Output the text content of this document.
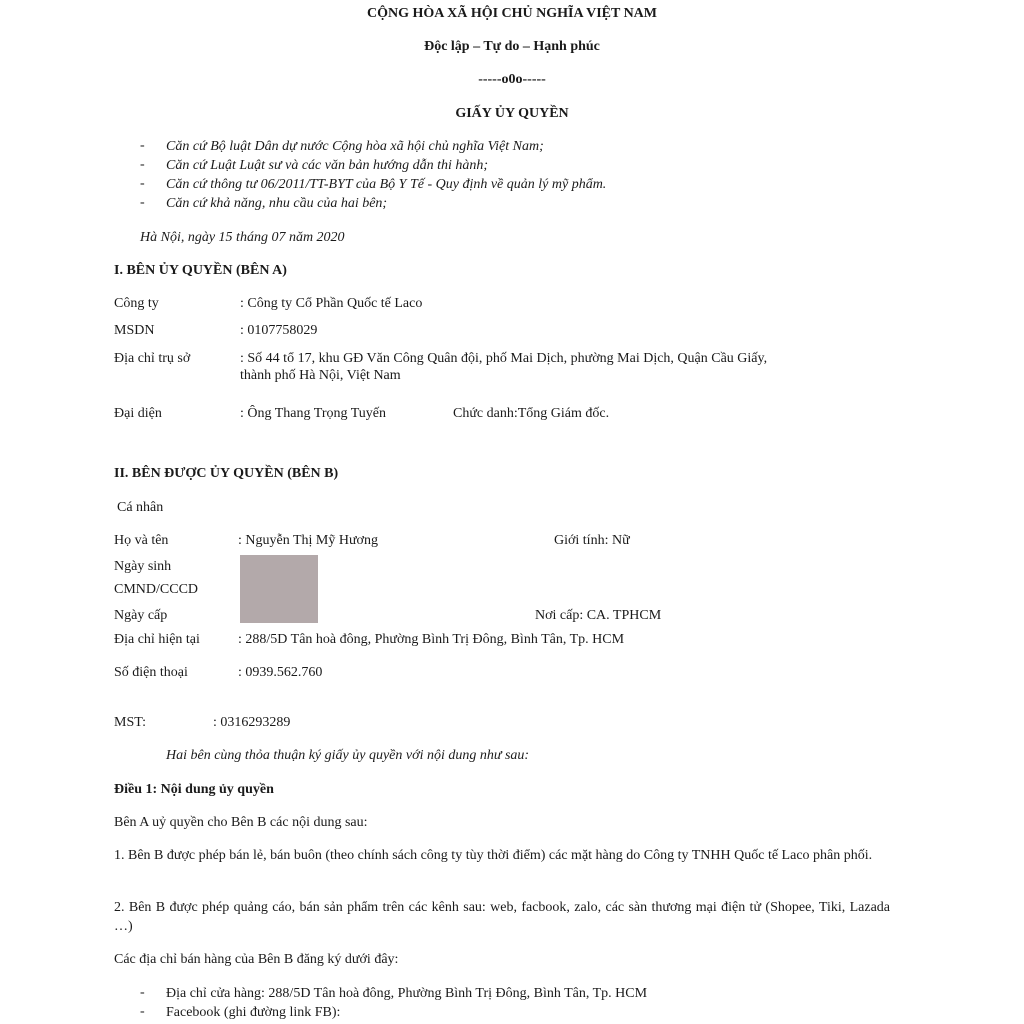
CỘNG HÒA XÃ HỘI CHỦ NGHĨA VIỆT NAM
Độc lập – Tự do – Hạnh phúc
-----o0o-----
GIẤY ỦY QUYỀN
- Căn cứ Bộ luật Dân dự nước Cộng hòa xã hội chủ nghĩa Việt Nam;
- Căn cứ Luật Luật sư và các văn bản hướng dẫn thi hành;
- Căn cứ thông tư 06/2011/TT-BYT của Bộ Y Tế - Quy định về quản lý mỹ phẩm.
- Căn cứ khả năng, nhu cầu của hai bên;
Hà Nội, ngày 15 tháng 07 năm 2020
I. BÊN ỦY QUYỀN (BÊN A)
Công ty	: Công ty Cổ Phần Quốc tế Laco
MSDN	: 0107758029
Địa chỉ trụ sở	: Số 44 tổ 17, khu GĐ Văn Công Quân đội, phố Mai Dịch, phường Mai Dịch, Quận Cầu Giấy,
thành phố Hà Nội, Việt Nam
Đại diện	: Ông Thang Trọng Tuyến	Chức danh:Tổng Giám đốc.
II. BÊN ĐƯỢC ỦY QUYỀN (BÊN B)
Cá nhân
Họ và tên	: Nguyễn Thị Mỹ Hương	Giới tính: Nữ
Ngày sinh
CMND/CCCD
Ngày cấp	Nơi cấp: CA. TPHCM
Địa chỉ hiện tại	: 288/5D Tân hoà đông, Phường Bình Trị Đông, Bình Tân, Tp. HCM
Số điện thoại	: 0939.562.760
MST:	: 0316293289
Hai bên cùng thỏa thuận ký giấy ủy quyền với nội dung như sau:
Điều 1: Nội dung ủy quyền
Bên A uỷ quyền cho Bên B các nội dung sau:
1. Bên B được phép bán lẻ, bán buôn (theo chính sách công ty tùy thời điểm) các mặt hàng do Công ty TNHH Quốc tế Laco phân phối.
2. Bên B được phép quảng cáo, bán sản phẩm trên các kênh sau: web, facbook, zalo, các sàn thương mại điện tử (Shopee, Tiki, Lazada …)
Các địa chỉ bán hàng của Bên B đăng ký dưới đây:
- Địa chỉ cửa hàng: 288/5D Tân hoà đông, Phường Bình Trị Đông, Bình Tân, Tp. HCM
- Facebook (ghi đường link FB):
